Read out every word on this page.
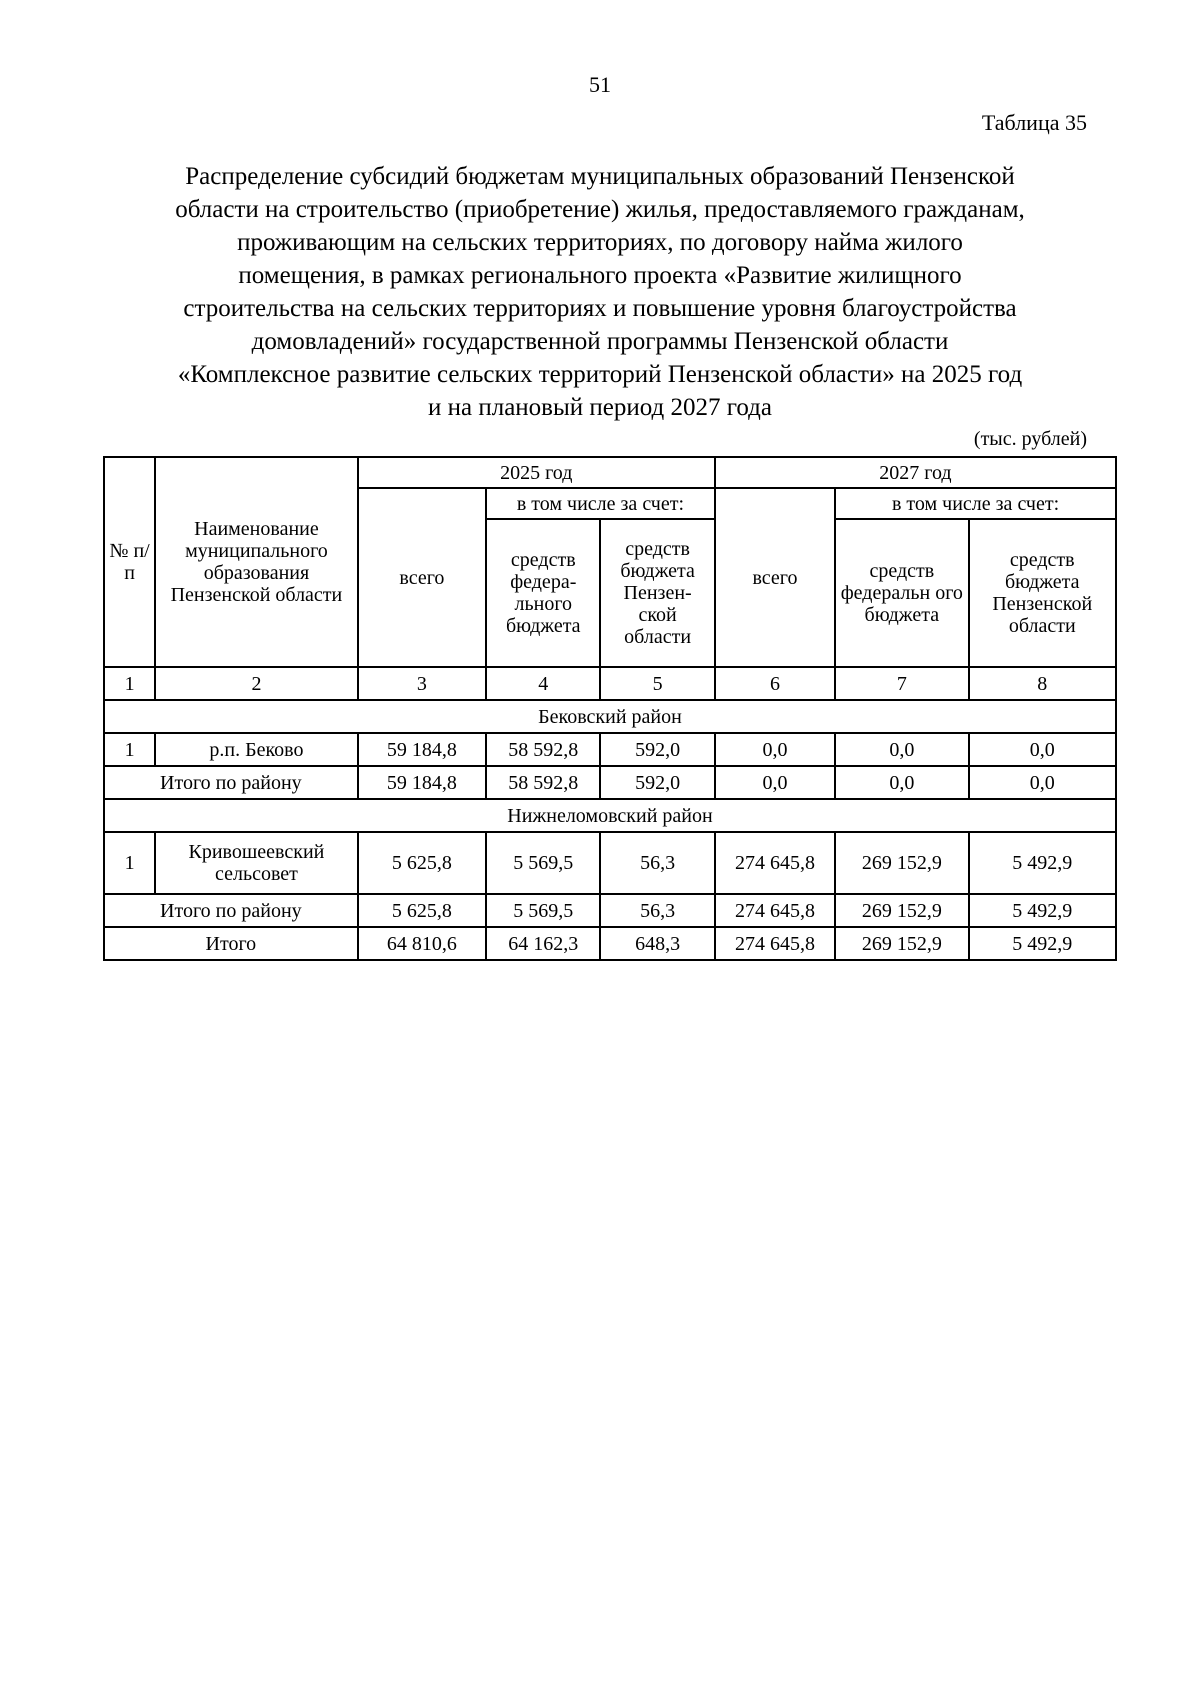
51
Таблица 35
Распределение субсидий бюджетам муниципальных образований Пензенской
области на строительство (приобретение) жилья, предоставляемого гражданам,
проживающим на сельских территориях, по договору найма жилого
помещения, в рамках регионального проекта «Развитие жилищного
строительства на сельских территориях и повышение уровня благоустройства
домовладений» государственной программы Пензенской области
«Комплексное развитие сельских территорий Пензенской области» на 2025 год
и на плановый период 2027 года
(тыс. рублей)
№ п/п	Наименование муниципального образования Пензенской области	2025 год			2027 год		
		всего	в том числе за счет:		всего	в том числе за счет:	
			средств федера-льного бюджета	средств бюджета Пензен-ской области		средств федеральн ого бюджета	средств бюджета Пензенской области
1	2	3	4	5	6	7	8
Бековский район							
1	р.п. Беково	59 184,8	58 592,8	592,0	0,0	0,0	0,0
Итого по району		59 184,8	58 592,8	592,0	0,0	0,0	0,0
Нижнеломовский район							
1	Кривошеевский сельсовет	5 625,8	5 569,5	56,3	274 645,8	269 152,9	5 492,9
Итого по району		5 625,8	5 569,5	56,3	274 645,8	269 152,9	5 492,9
Итого		64 810,6	64 162,3	648,3	274 645,8	269 152,9	5 492,9
